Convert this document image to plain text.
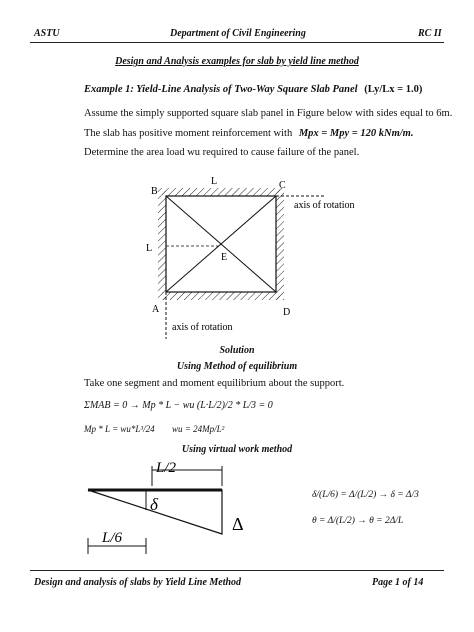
ASTU	Department of Civil Engineering	RC II
Design and Analysis examples for slab by yield line method
Example 1: Yield-Line Analysis of Two-Way Square Slab Panel (Ly/Lx = 1.0)
Assume the simply supported square slab panel in Figure below with sides equal to 6m.
The slab has positive moment reinforcement with Mpx = Mpy = 120 kNm/m.
Determine the area load wu required to cause failure of the panel.
B
C
A	D
E
L
L
axis of rotation
axis of rotation
Solution
Using Method of equilibrium
Take one segment and moment equilibrium about the support.
ΣMAB = 0 → Mp * L − wu (L·L/2)/2 * L/3 = 0
Mp * L = wu*L³/24 wu = 24Mp/L²
Using virtual work method
L/2
δ
Δ
L/6
δ/(L/6) = Δ/(L/2) → δ = Δ/3
θ = Δ/(L/2) → θ = 2Δ/L
Design and analysis of slabs by Yield Line Method	Page 1 of 14
